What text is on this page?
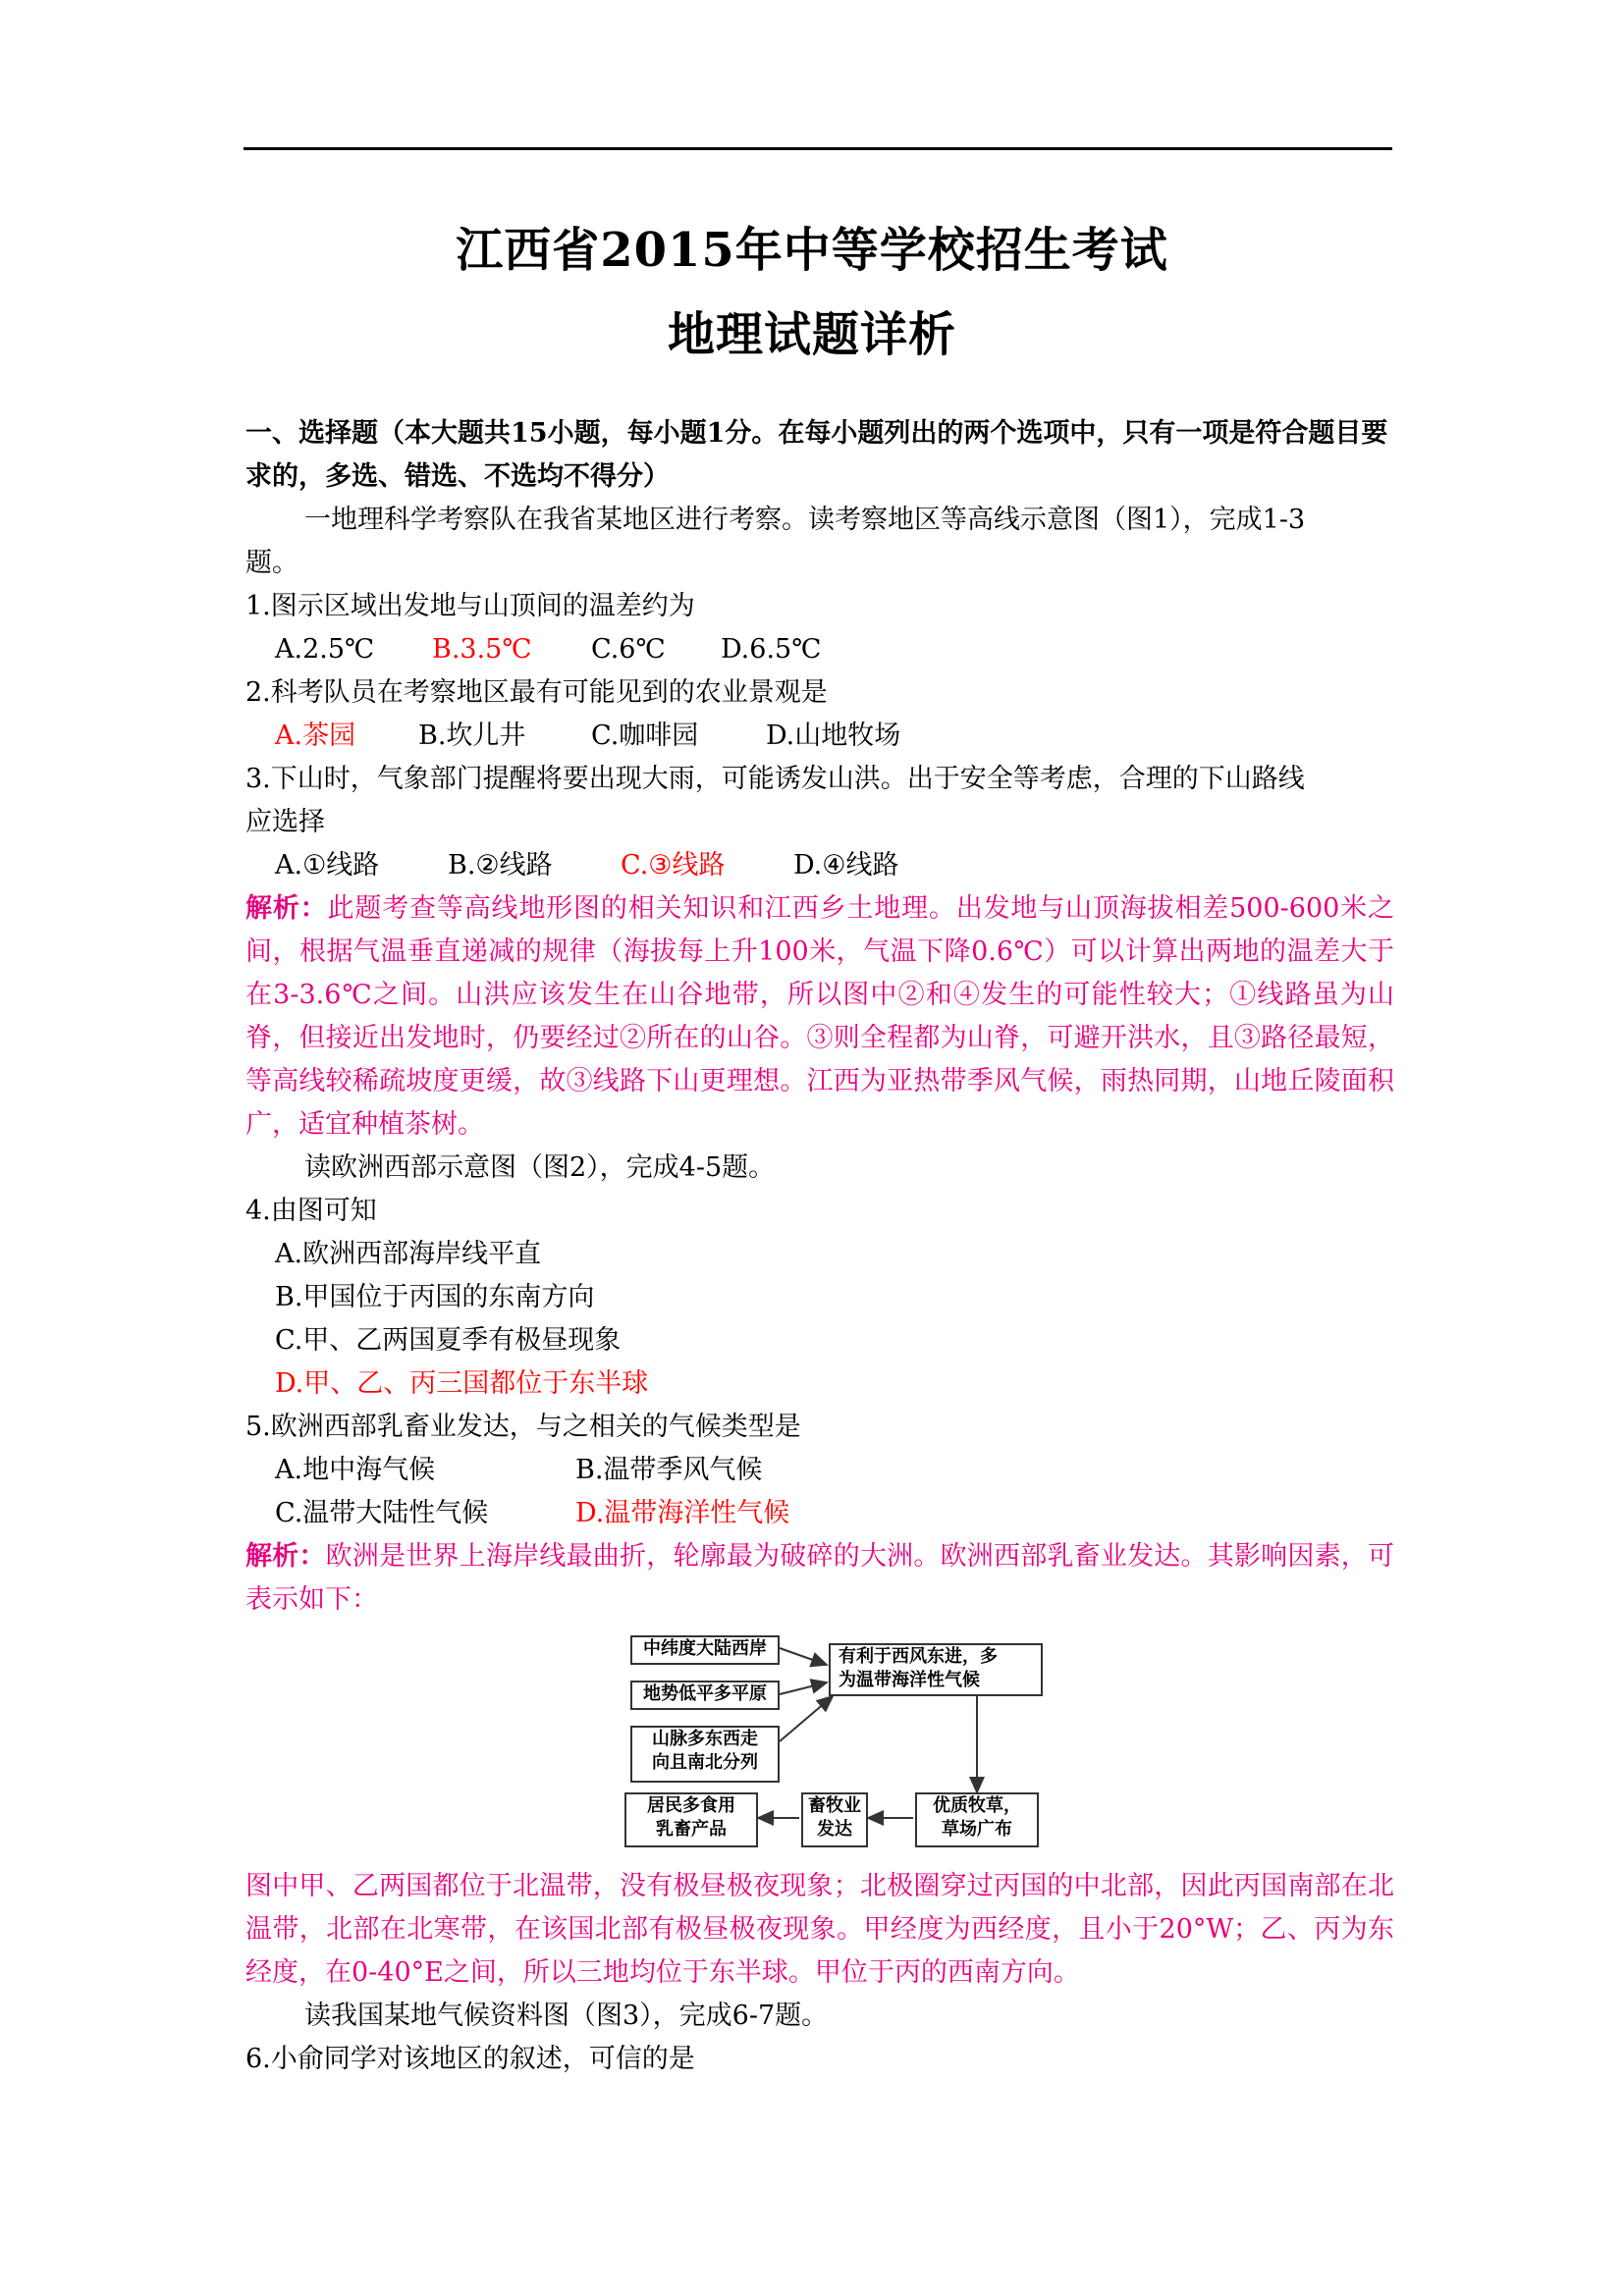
江西省2015年中等学校招生考试
地理试题详析
一、选择题（本大题共15小题，每小题1分。在每小题列出的两个选项中，只有一项是符合题目要求的，多选、错选、不选均不得分）
一地理科学考察队在我省某地区进行考察。读考察地区等高线示意图（图1），完成1-3
题。
1.图示区域出发地与山顶间的温差约为
A.2.5℃ B.3.5℃ C.6℃ D.6.5℃
2.科考队员在考察地区最有可能见到的农业景观是
A.茶园 B.坎儿井 C.咖啡园	D.山地牧场
3.下山时，气象部门提醒将要出现大雨，可能诱发山洪。出于安全等考虑，合理的下山路线
应选择
A.①线路	B.②线路	C.③线路	D.④线路
解析：此题考查等高线地形图的相关知识和江西乡土地理。出发地与山顶海拔相差500-600米之间，根据气温垂直递减的规律（海拔每上升100米，气温下降0.6℃）可以计算出两地的温差大于在3-3.6℃之间。山洪应该发生在山谷地带，所以图中②和④发生的可能性较大；①线路虽为山脊，但接近出发地时，仍要经过②所在的山谷。③则全程都为山脊，可避开洪水，且③路径最短，等高线较稀疏坡度更缓，故③线路下山更理想。江西为亚热带季风气候，雨热同期，山地丘陵面积广，适宜种植茶树。
读欧洲西部示意图（图2），完成4-5题。
4.由图可知
A.欧洲西部海岸线平直
B.甲国位于丙国的东南方向
C.甲、乙两国夏季有极昼现象
D.甲、乙、丙三国都位于东半球
5.欧洲西部乳畜业发达，与之相关的气候类型是
A.地中海气候	B.温带季风气候
C.温带大陆性气候	D.温带海洋性气候
解析：欧洲是世界上海岸线最曲折，轮廓最为破碎的大洲。欧洲西部乳畜业发达。其影响因素，可表示如下：
中纬度大陆西岸
地势低平多平原
山脉多东西走
向且南北分列
有利于西风东进，多
为温带海洋性气候
优质牧草，
草场广布
畜牧业
发达
居民多食用
乳畜产品
图中甲、乙两国都位于北温带，没有极昼极夜现象；北极圈穿过丙国的中北部，因此丙国南部在北温带，北部在北寒带，在该国北部有极昼极夜现象。甲经度为西经度，且小于20°W；乙、丙为东经度，在0-40°E之间，所以三地均位于东半球。甲位于丙的西南方向。
读我国某地气候资料图（图3），完成6-7题。
6.小俞同学对该地区的叙述，可信的是
